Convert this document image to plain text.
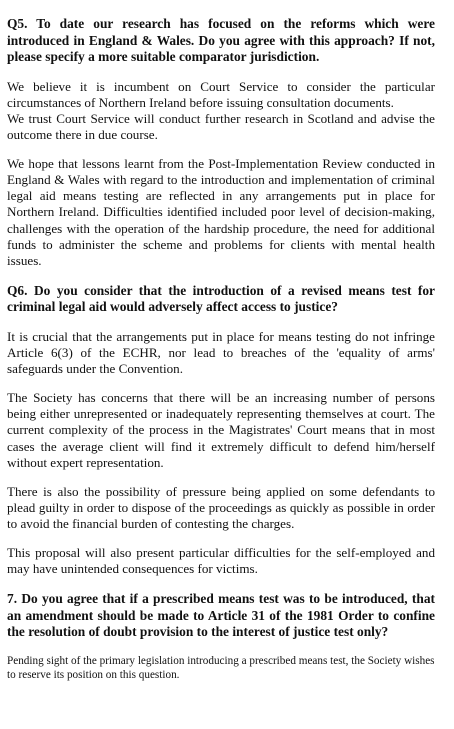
Q5. To date our research has focused on the reforms which were introduced in England & Wales. Do you agree with this approach? If not, please specify a more suitable comparator jurisdiction.

We believe it is incumbent on Court Service to consider the particular circumstances of Northern Ireland before issuing consultation documents.

We trust Court Service will conduct further research in Scotland and advise the outcome there in due course.

We hope that lessons learnt from the Post-Implementation Review conducted in England & Wales with regard to the introduction and implementation of criminal legal aid means testing are reflected in any arrangements put in place for Northern Ireland. Difficulties identified included poor level of decision-making, challenges with the operation of the hardship procedure, the need for additional funds to administer the scheme and problems for clients with mental health issues.

Q6. Do you consider that the introduction of a revised means test for criminal legal aid would adversely affect access to justice?

It is crucial that the arrangements put in place for means testing do not infringe Article 6(3) of the ECHR, nor lead to breaches of the 'equality of arms' safeguards under the Convention.

The Society has concerns that there will be an increasing number of persons being either unrepresented or inadequately representing themselves at court. The current complexity of the process in the Magistrates' Court means that in most cases the average client will find it extremely difficult to defend him/herself without expert representation.

There is also the possibility of pressure being applied on some defendants to plead guilty in order to dispose of the proceedings as quickly as possible in order to avoid the financial burden of contesting the charges.

This proposal will also present particular difficulties for the self-employed and may have unintended consequences for victims.

7. Do you agree that if a prescribed means test was to be introduced, that an amendment should be made to Article 31 of the 1981 Order to confine the resolution of doubt provision to the interest of justice test only?

Pending sight of the primary legislation introducing a prescribed means test, the Society wishes to reserve its position on this question.
